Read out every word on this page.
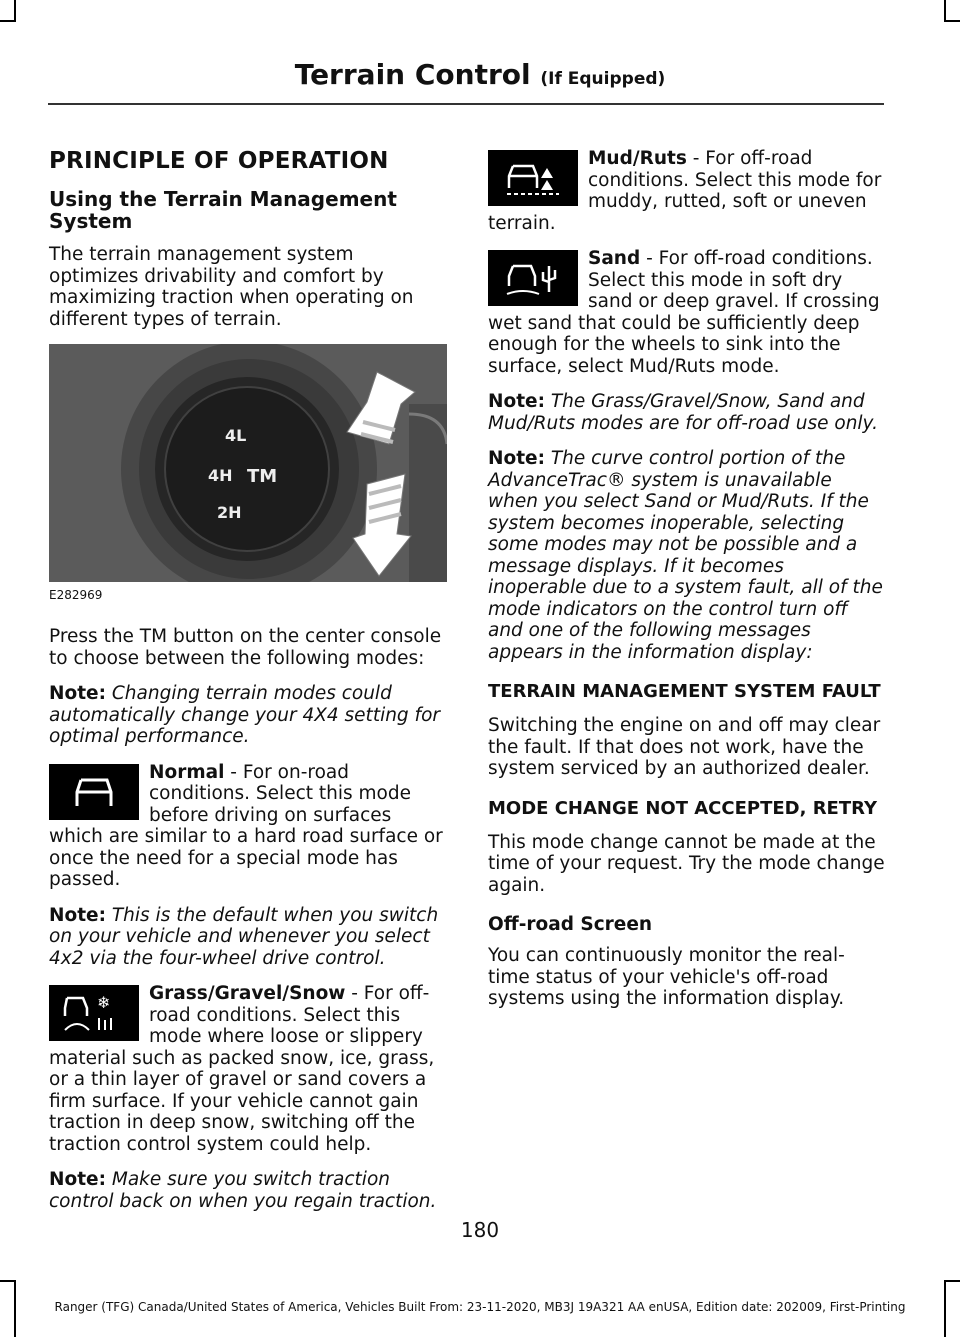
Terrain Control (If Equipped)
PRINCIPLE OF OPERATION
Using the Terrain Management System

The terrain management system optimizes drivability and comfort by maximizing traction when operating on different types of terrain.

4L
4H TM
2H
E282969

Press the TM button on the center console to choose between the following modes:

Note: Changing terrain modes could automatically change your 4X4 setting for optimal performance.

Normal - For on-road conditions. Select this mode before driving on surfaces which are similar to a hard road surface or once the need for a special mode has passed.

Note: This is the default when you switch on your vehicle and whenever you select 4x2 via the four-wheel drive control.

❄	Grass/Gravel/Snow - For off-road conditions. Select this mode where loose or slippery material such as packed snow, ice, grass, or a thin layer of gravel or sand covers a firm surface. If your vehicle cannot gain traction in deep snow, switching off the traction control system could help.

Note: Make sure you switch traction control back on when you regain traction.

Mud/Ruts - For off-road conditions. Select this mode for muddy, rutted, soft or uneven terrain.

Sand - For off-road conditions. Select this mode in soft dry sand or deep gravel. If crossing wet sand that could be sufficiently deep enough for the wheels to sink into the surface, select Mud/Ruts mode.

Note: The Grass/Gravel/Snow, Sand and Mud/Ruts modes are for off-road use only.

Note: The curve control portion of the AdvanceTrac® system is unavailable when you select Sand or Mud/Ruts. If the system becomes inoperable, selecting some modes may not be possible and a message displays. If it becomes inoperable due to a system fault, all of the mode indicators on the control turn off and one of the following messages appears in the information display:

TERRAIN MANAGEMENT SYSTEM FAULT

Switching the engine on and off may clear the fault. If that does not work, have the system serviced by an authorized dealer.

MODE CHANGE NOT ACCEPTED, RETRY

This mode change cannot be made at the time of your request. Try the mode change again.

Off-road Screen

You can continuously monitor the real-time status of your vehicle's off-road systems using the information display.

180
Ranger (TFG) Canada/United States of America, Vehicles Built From: 23-11-2020, MB3J 19A321 AA enUSA, Edition date: 202009, First-Printing
